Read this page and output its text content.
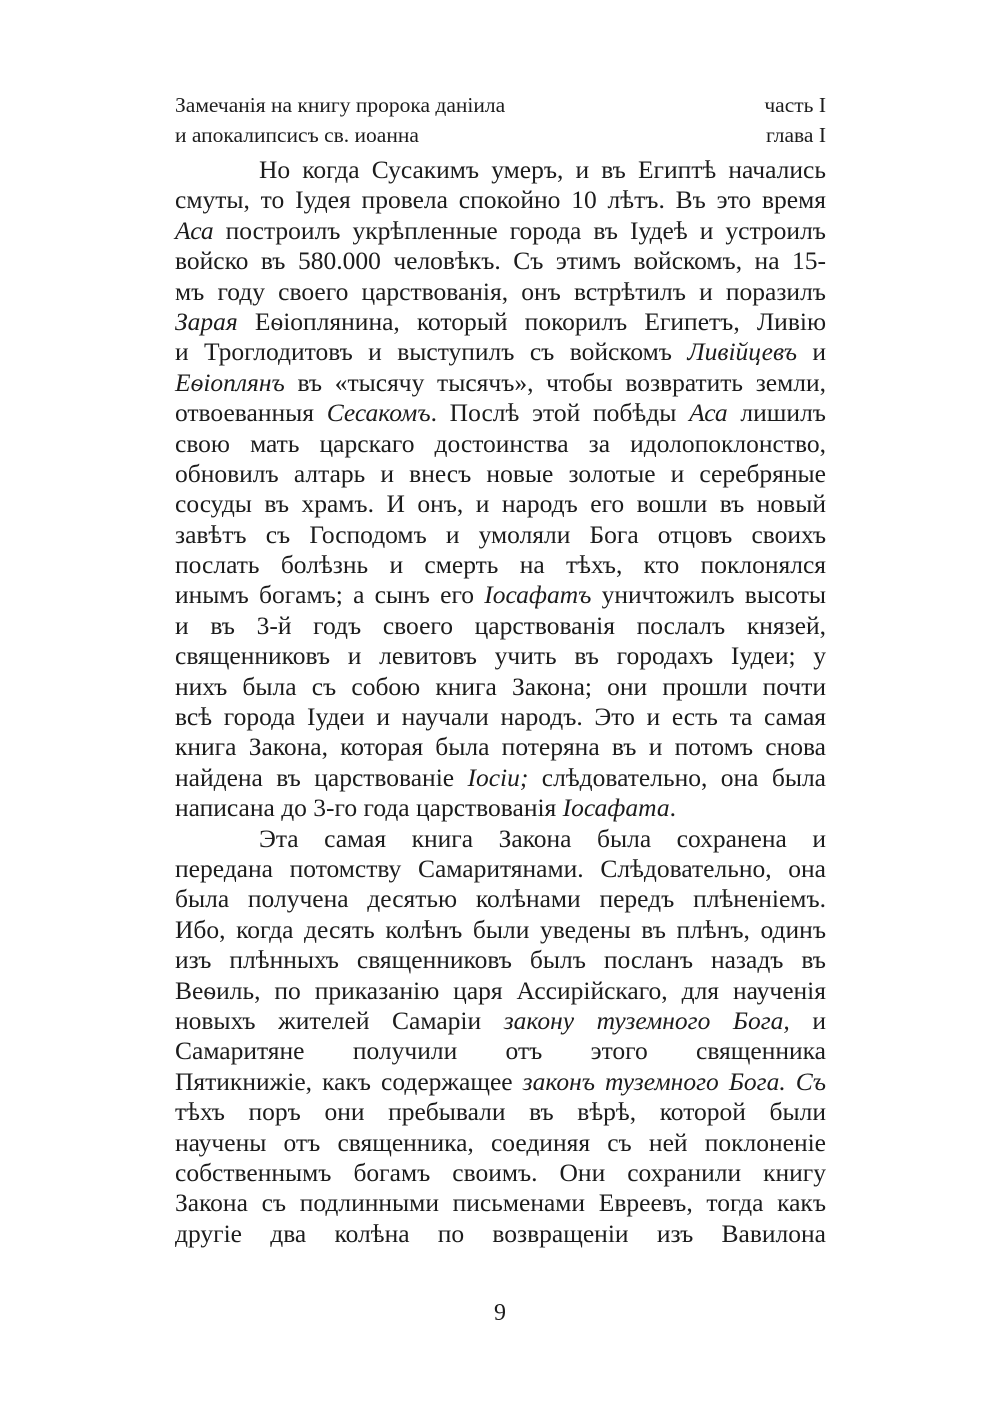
Замечанія на книгу пророка даніила	часть I
и апокалипсисъ св. иоанна	глава I
Но когда Сусакимъ умеръ, и въ Египтѣ начались
смуты, то Іудея провела спокойно 10 лѣтъ. Въ это время
Аса построилъ укрѣпленные города въ Іудеѣ и устроилъ
войско въ 580.000 человѣкъ. Съ этимъ войскомъ, на 15-
мъ году своего царствованія, онъ встрѣтилъ и поразилъ
Зарая Еѳіоплянина, который покорилъ Египетъ, Ливію
и Троглодитовъ и выступилъ съ войскомъ Ливійцевъ и
Еѳіоплянъ въ «тысячу тысячъ», чтобы возвратить земли,
отвоеванныя Сесакомъ. Послѣ этой побѣды Аса лишилъ
свою мать царскаго достоинства за идолопоклонство,
обновилъ алтарь и внесъ новые золотые и серебряные
сосуды въ храмъ. И онъ, и народъ его вошли въ новый
завѣтъ съ Господомъ и умоляли Бога отцовъ своихъ
послать болѣзнь и смерть на тѣхъ, кто поклонялся
инымъ богамъ; а сынъ его Іосафатъ уничтожилъ высоты
и въ 3-й годъ своего царствованія послалъ князей,
священниковъ и левитовъ учить въ городахъ Іудеи; у
нихъ была съ собою книга Закона; они прошли почти
всѣ города Іудеи и научали народъ. Это и есть та самая
книга Закона, которая была потеряна въ и потомъ снова
найдена въ царствованіе Іосіи; слѣдовательно, она была
написана до 3-го года царствованія Іосафата.
Эта самая книга Закона была сохранена и
передана потомству Самаритянами. Слѣдовательно, она
была получена десятью колѣнами передъ плѣненіемъ.
Ибо, когда десять колѣнъ были уведены въ плѣнъ, одинъ
изъ плѣнныхъ священниковъ былъ посланъ назадъ въ
Веѳиль, по приказанію царя Ассирійскаго, для наученія
новыхъ жителей Самаріи закону туземного Бога, и
Самаритяне получили отъ этого священника
Пятикнижіе, какъ содержащее законъ туземного Бога. Съ
тѣхъ поръ они пребывали въ вѣрѣ, которой были
научены отъ священника, соединяя съ ней поклоненіе
собственнымъ богамъ своимъ. Они сохранили книгу
Закона съ подлинными письменами Евреевъ, тогда какъ
другіе два колѣна по возвращеніи изъ Вавилона
9
